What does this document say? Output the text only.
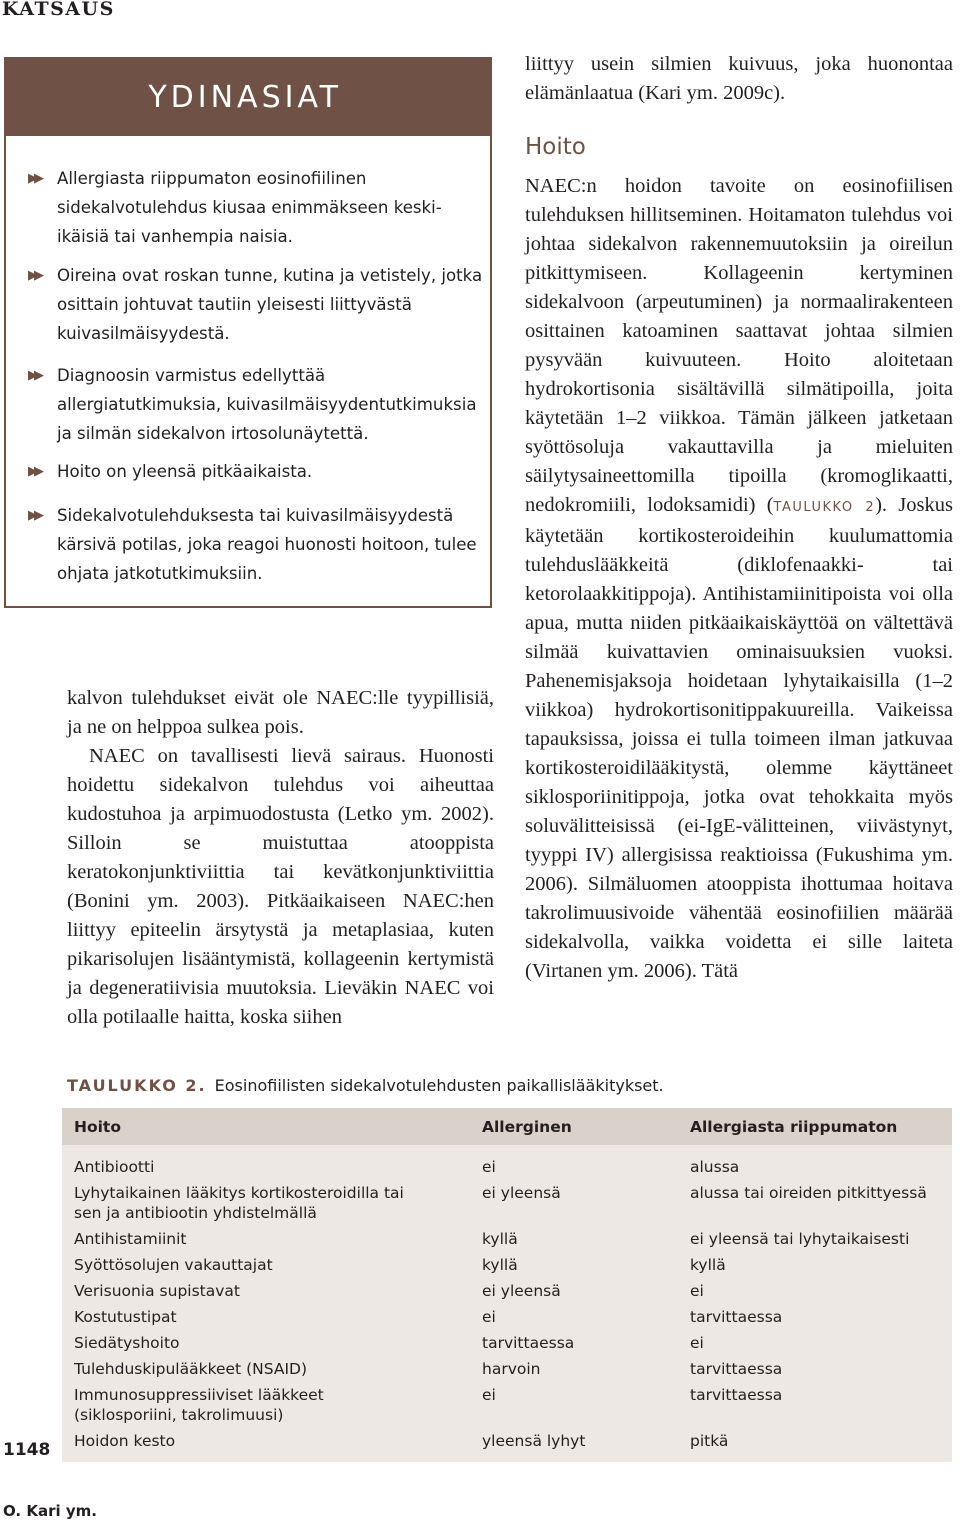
KATSAUS
YDINASIAT
▶▶	Allergiasta riippumaton eosinofiilinen sidekalvotulehdus kiusaa enimmäkseen keski-ikäisiä tai vanhempia naisia.
▶▶	Oireina ovat roskan tunne, kutina ja vetistely, jotka osittain johtuvat tautiin yleisesti liittyvästä kuivasilmäisyydestä.
▶▶	Diagnoosin varmistus edellyttää allergiatutkimuksia, kuivasilmäisyydentutkimuksia ja silmän sidekalvon irtosolunäytettä.
▶▶	Hoito on yleensä pitkäaikaista.
▶▶	Sidekalvotulehduksesta tai kuivasilmäisyydestä kärsivä potilas, joka reagoi huonosti hoitoon, tulee ohjata jatkotutkimuksiin.

kalvon tulehdukset eivät ole NAEC:lle tyypillisiä, ja ne on helppoa sulkea pois.

NAEC on tavallisesti lievä sairaus. Huonosti hoidettu sidekalvon tulehdus voi aiheuttaa kudostuhoa ja arpimuodostusta (Letko ym. 2002). Silloin se muistuttaa atooppista keratokonjunktiviittia tai kevätkonjunktiviittia (Bonini ym. 2003). Pitkäaikaiseen NAEC:hen liittyy epiteelin ärsytystä ja metaplasiaa, kuten pikarisolujen lisääntymistä, kollageenin kertymistä ja degeneratiivisia muutoksia. Lieväkin NAEC voi olla potilaalle haitta, koska siihen

liittyy usein silmien kuivuus, joka huonontaa elämänlaatua (Kari ym. 2009c).

Hoito

NAEC:n hoidon tavoite on eosinofiilisen tulehduksen hillitseminen. Hoitamaton tulehdus voi johtaa sidekalvon rakennemuutoksiin ja oireilun pitkittymiseen. Kollageenin kertyminen sidekalvoon (arpeutuminen) ja normaalirakenteen osittainen katoaminen saattavat johtaa silmien pysyvään kuivuuteen. Hoito aloitetaan hydrokortisonia sisältävillä silmätipoilla, joita käytetään 1–2 viikkoa. Tämän jälkeen jatketaan syöttösoluja vakauttavilla ja mieluiten säilytysaineettomilla tipoilla (kromoglikaatti, nedokromiili, lodoksamidi) (TAULUKKO 2). Joskus käytetään kortikosteroideihin kuulumattomia tulehduslääkkeitä (diklofenaakki- tai ketorolaakkitippoja). Antihistamiinitipoista voi olla apua, mutta niiden pitkäaikaiskäyttöä on vältettävä silmää kuivattavien ominaisuuksien vuoksi. Pahenemisjaksoja hoidetaan lyhytaikaisilla (1–2 viikkoa) hydrokortisonitippakuureilla. Vaikeissa tapauksissa, joissa ei tulla toimeen ilman jatkuvaa kortikosteroidilääkitystä, olemme käyttäneet siklosporiinitippoja, jotka ovat tehokkaita myös soluvälitteisissä (ei-IgE-välitteinen, viivästynyt, tyyppi IV) allergisissa reaktioissa (Fukushima ym. 2006). Silmäluomen atooppista ihottumaa hoitava takrolimuusivoide vähentää eosinofiilien määrää sidekalvolla, vaikka voidetta ei sille laiteta (Virtanen ym. 2006). Tätä

TAULUKKO 2. Eosinofiilisten sidekalvotulehdusten paikallislääkitykset.
Hoito	Allerginen	Allergiasta riippumaton
Antibiootti	ei	alussa
Lyhytaikainen lääkitys kortikosteroidilla tai sen ja antibiootin yhdistelmällä	ei yleensä	alussa tai oireiden pitkittyessä
Antihistamiinit	kyllä	ei yleensä tai lyhytaikaisesti
Syöttösolujen vakauttajat	kyllä	kyllä
Verisuonia supistavat	ei yleensä	ei
Kostutustipat	ei	tarvittaessa
Siedätyshoito	tarvittaessa	ei
Tulehduskipulääkkeet (NSAID)	harvoin	tarvittaessa
Immunosuppressiiviset lääkkeet (siklosporiini, takrolimuusi)	ei	tarvittaessa
Hoidon kesto	yleensä lyhyt	pitkä
1148
O. Kari ym.
